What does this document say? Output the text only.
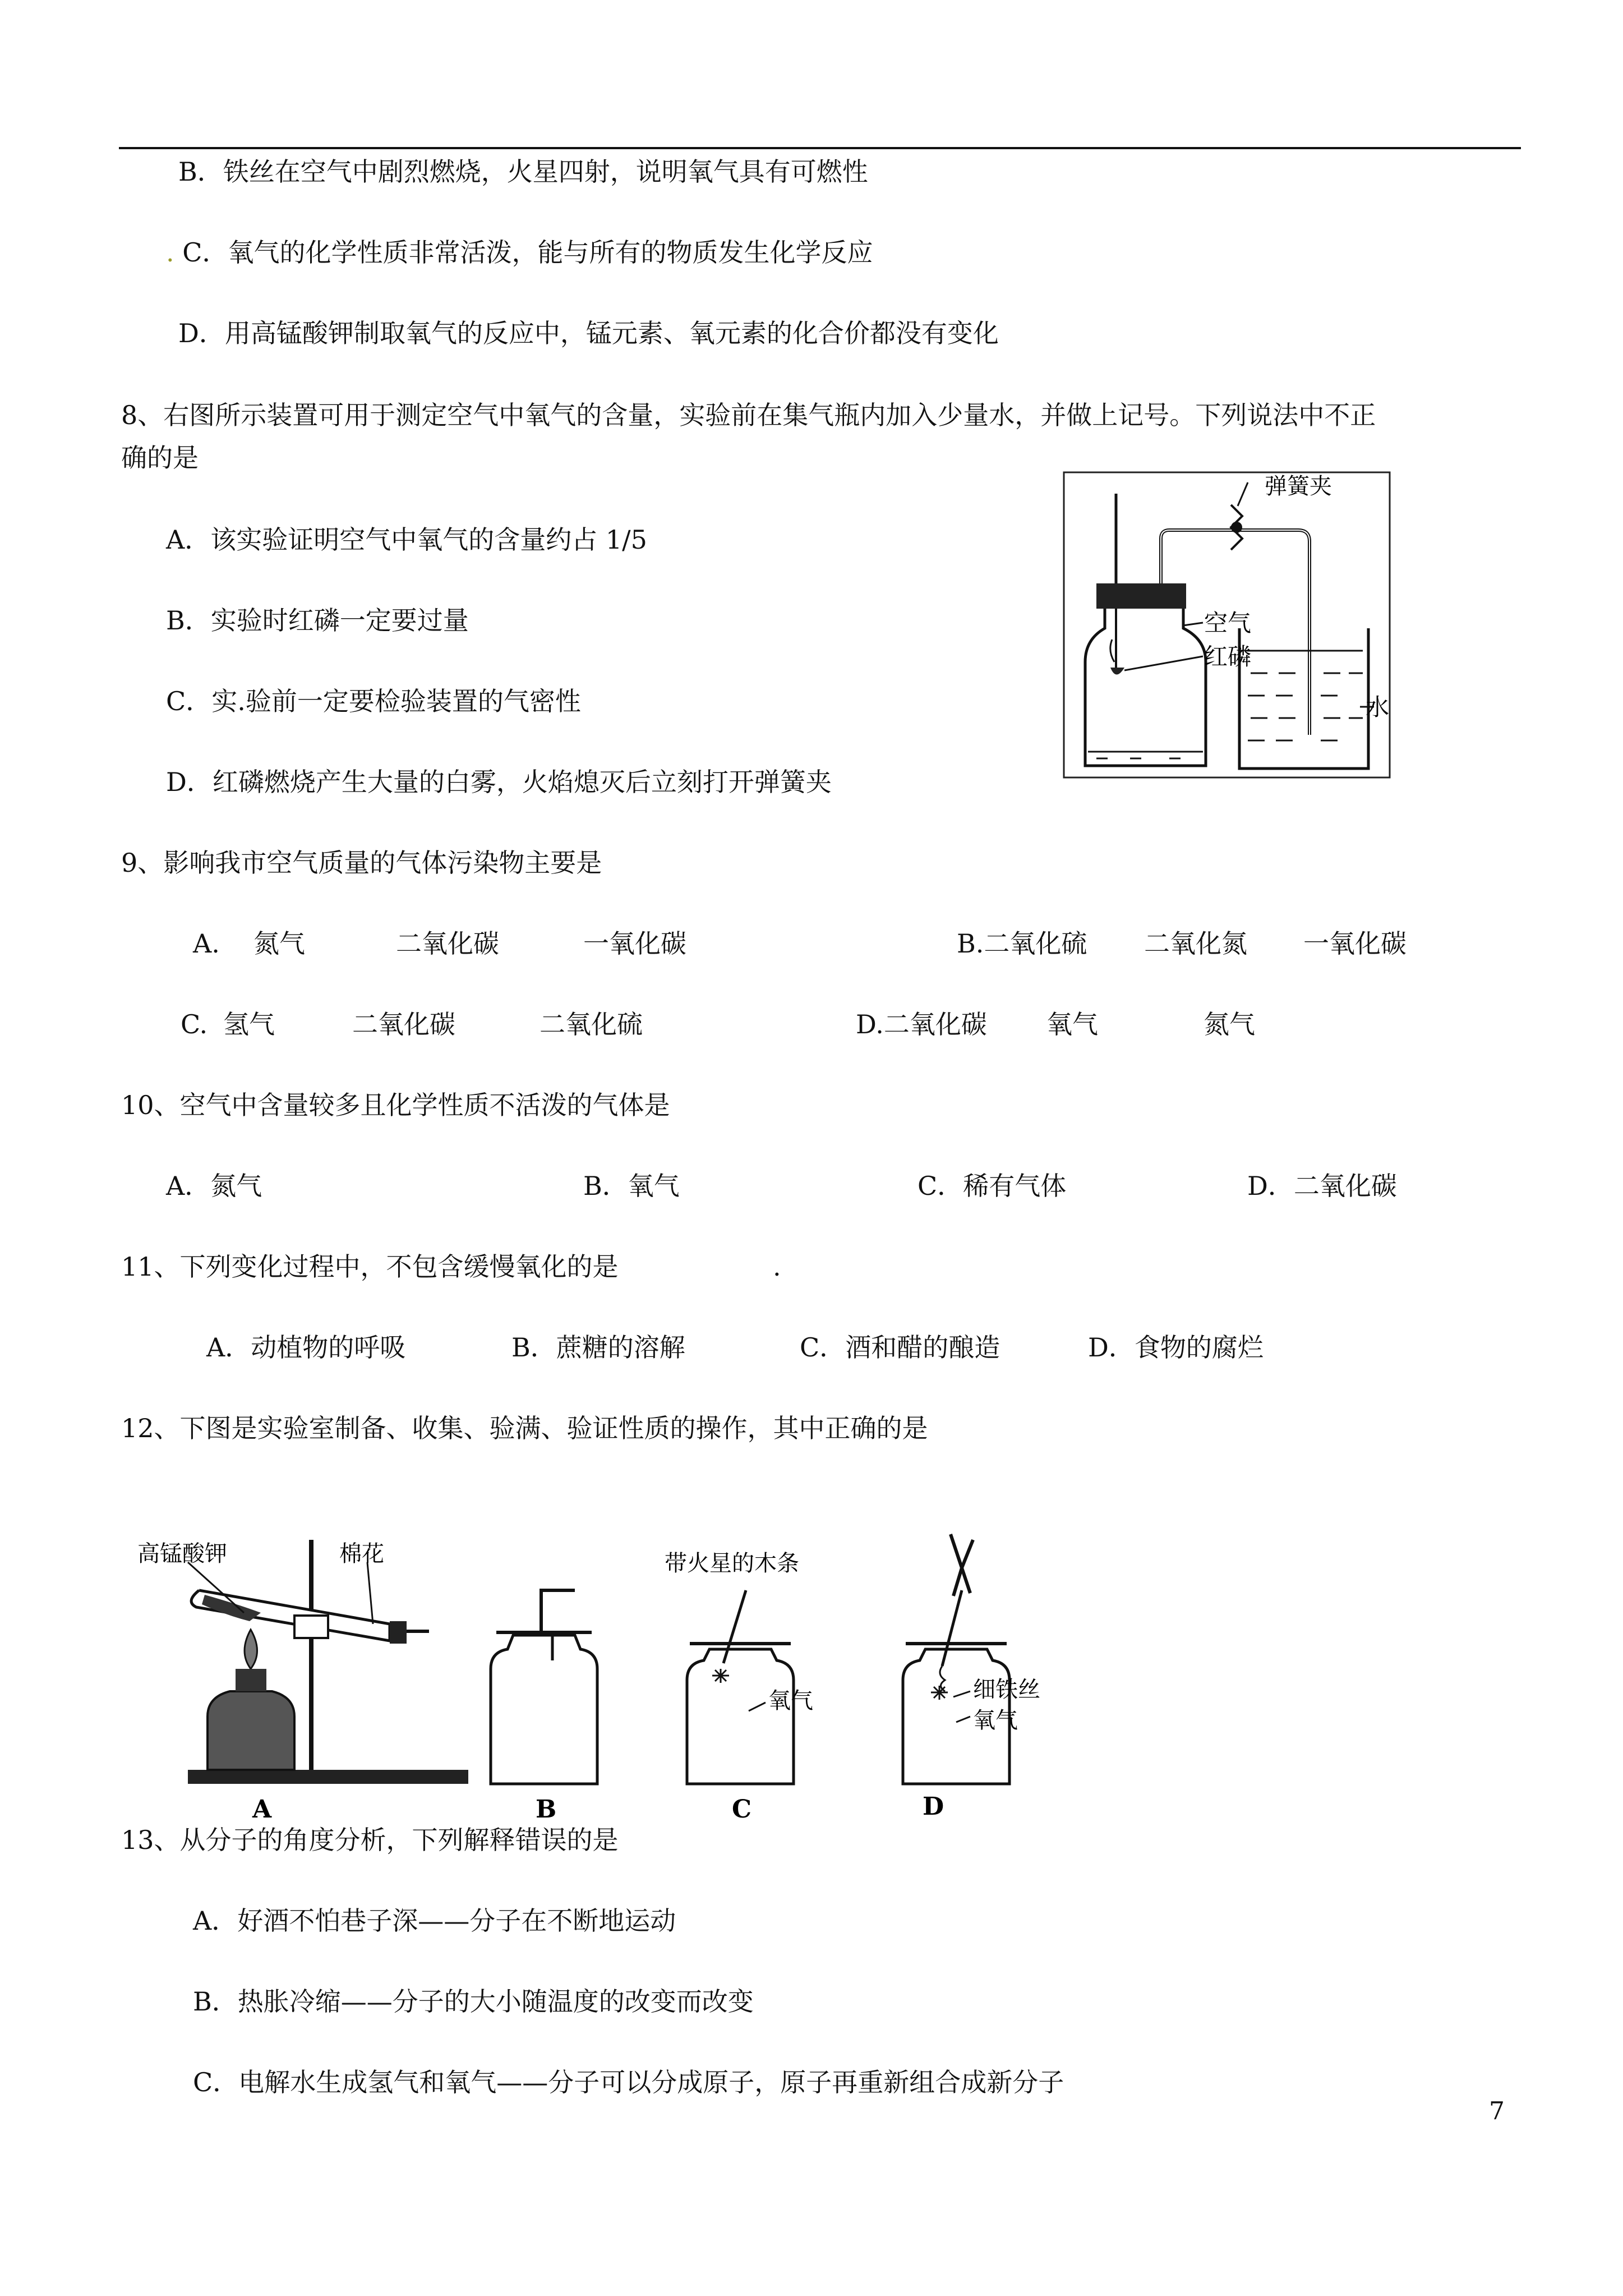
B．铁丝在空气中剧烈燃烧，火星四射，说明氧气具有可燃性
. C．氧气的化学性质非常活泼，能与所有的物质发生化学反应
D．用高锰酸钾制取氧气的反应中，锰元素、氧元素的化合价都没有变化
8、右图所示装置可用于测定空气中氧气的含量，实验前在集气瓶内加入少量水，并做上记号。下列说法中不正
确的是
A．该实验证明空气中氧气的含量约占 1/5
B．实验时红磷一定要过量
C．实.验前一定要检验装置的气密性
D．红磷燃烧产生大量的白雾，火焰熄灭后立刻打开弹簧夹
弹簧夹
空气
红磷
水
9、影响我市空气质量的气体污染物主要是
A. 氮气	二氧化碳	一氧化碳	B.二氧化硫 二氧化氮 一氧化碳
C. 氢气	二氧化碳	二氧化硫	D.二氧化碳 氧气	氮气
10、空气中含量较多且化学性质不活泼的气体是
A．氮气	B．氧气	C．稀有气体	D．二氧化碳
11、下列变化过程中，不包含缓慢氧化的是	.
A．动植物的呼吸	B．蔗糖的溶解	C．酒和醋的酿造	D．食物的腐烂
12、下图是实验室制备、收集、验满、验证性质的操作，其中正确的是
高锰酸钾	棉花
A	B
带火星的木条
氧气
C
细铁丝
氧气
D
13、从分子的角度分析，下列解释错误的是
A．好酒不怕巷子深——分子在不断地运动
B．热胀冷缩——分子的大小随温度的改变而改变
C．电解水生成氢气和氧气——分子可以分成原子，原子再重新组合成新分子
7
